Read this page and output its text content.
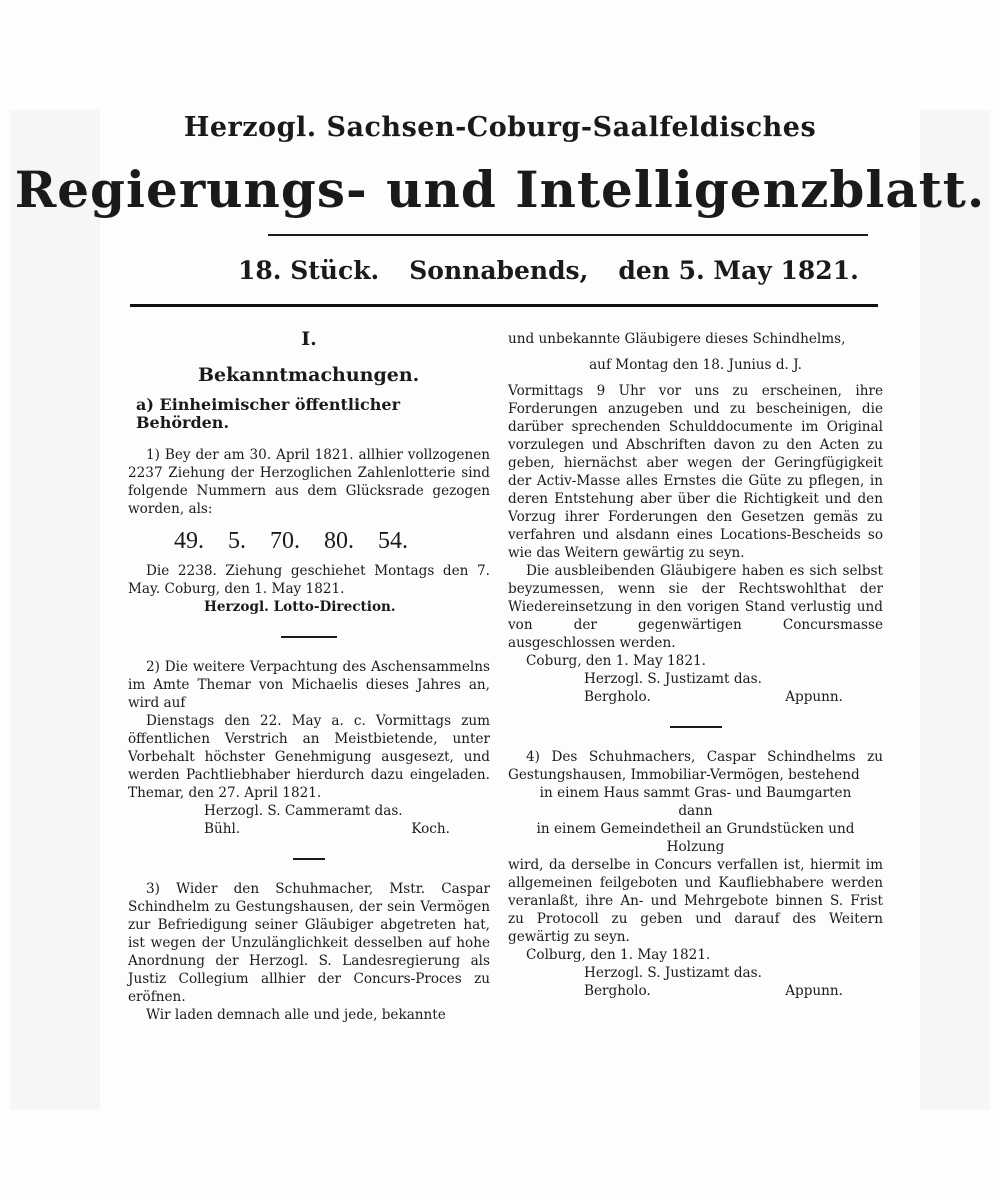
Herzogl. Sachsen-Coburg-Saalfeldisches
Regierungs- und Intelligenzblatt.
18. Stück. Sonnabends, den 5. May 1821.
I.
Bekanntmachungen.
a) Einheimischer öffentlicher Behörden.

1) Bey der am 30. April 1821. allhier vollzogenen 2237 Ziehung der Herzoglichen Zahlenlotterie sind folgende Nummern aus dem Glücksrade gezogen worden, als:

49. 5. 70. 80. 54.

Die 2238. Ziehung geschiehet Montags den 7. May. Coburg, den 1. May 1821.

Herzogl. Lotto-Direction.

2) Die weitere Verpachtung des Aschensammelns im Amte Themar von Michaelis dieses Jahres an, wird auf

Dienstags den 22. May a. c. Vormittags zum öffentlichen Verstrich an Meistbietende, unter Vorbehalt höchster Genehmigung ausgesezt, und werden Pachtliebhaber hierdurch dazu eingeladen. Themar, den 27. April 1821.

Herzogl. S. Cammeramt das.

Bühl.	Koch.

3) Wider den Schuhmacher, Mstr. Caspar Schindhelm zu Gestungshausen, der sein Vermögen zur Befriedigung seiner Gläubiger abgetreten hat, ist wegen der Unzulänglichkeit desselben auf hohe Anordnung der Herzogl. S. Landesregierung als Justiz Collegium allhier der Concurs-Proces zu eröfnen.

Wir laden demnach alle und jede, bekannte

und unbekannte Gläubigere dieses Schindhelms,

auf Montag den 18. Junius d. J.

Vormittags 9 Uhr vor uns zu erscheinen, ihre Forderungen anzugeben und zu bescheinigen, die darüber sprechenden Schulddocumente im Original vorzulegen und Abschriften davon zu den Acten zu geben, hiernächst aber wegen der Geringfügigkeit der Activ-Masse alles Ernstes die Güte zu pflegen, in deren Entstehung aber über die Richtigkeit und den Vorzug ihrer Forderungen den Gesetzen gemäs zu verfahren und alsdann eines Locations-Bescheids so wie das Weitern gewärtig zu seyn.

Die ausbleibenden Gläubigere haben es sich selbst beyzumessen, wenn sie der Rechtswohlthat der Wiedereinsetzung in den vorigen Stand verlustig und von der gegenwärtigen Concursmasse ausgeschlossen werden.

Coburg, den 1. May 1821.

Herzogl. S. Justizamt das.

Bergholo.	Appunn.

4) Des Schuhmachers, Caspar Schindhelms zu Gestungshausen, Immobiliar-Vermögen, bestehend

in einem Haus sammt Gras- und Baumgarten

dann

in einem Gemeindetheil an Grundstücken und Holzung

wird, da derselbe in Concurs verfallen ist, hiermit im allgemeinen feilgeboten und Kaufliebhabere werden veranlaßt, ihre An- und Mehrgebote binnen S. Frist zu Protocoll zu geben und darauf des Weitern gewärtig zu seyn.

Colburg, den 1. May 1821.

Herzogl. S. Justizamt das.

Bergholo.	Appunn.
